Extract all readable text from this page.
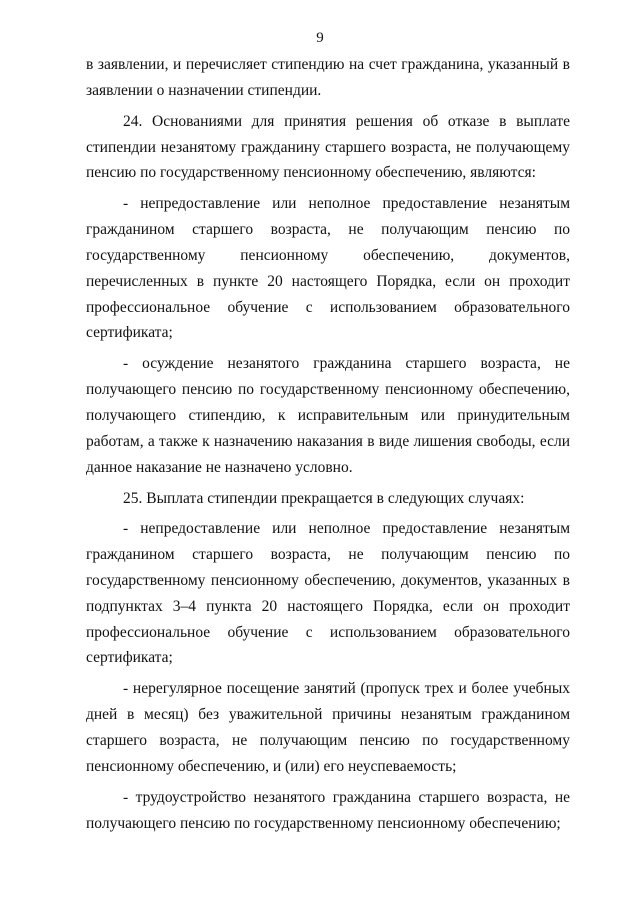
9

в заявлении, и перечисляет стипендию на счет гражданина, указанный в заявлении о назначении стипендии.

24. Основаниями для принятия решения об отказе в выплате стипендии незанятому гражданину старшего возраста, не получающему пенсию по государственному пенсионному обеспечению, являются:

- непредоставление или неполное предоставление незанятым гражданином старшего возраста, не получающим пенсию по государственному пенсионному обеспечению, документов, перечисленных в пункте 20 настоящего Порядка, если он проходит профессиональное обучение с использованием образовательного сертификата;

- осуждение незанятого гражданина старшего возраста, не получающего пенсию по государственному пенсионному обеспечению, получающего стипендию, к исправительным или принудительным работам, а также к назначению наказания в виде лишения свободы, если данное наказание не назначено условно.

25. Выплата стипендии прекращается в следующих случаях:

- непредоставление или неполное предоставление незанятым гражданином старшего возраста, не получающим пенсию по государственному пенсионному обеспечению, документов, указанных в подпунктах 3–4 пункта 20 настоящего Порядка, если он проходит профессиональное обучение с использованием образовательного сертификата;

- нерегулярное посещение занятий (пропуск трех и более учебных дней в месяц) без уважительной причины незанятым гражданином старшего возраста, не получающим пенсию по государственному пенсионному обеспечению, и (или) его неуспеваемость;

- трудоустройство незанятого гражданина старшего возраста, не получающего пенсию по государственному пенсионному обеспечению;
